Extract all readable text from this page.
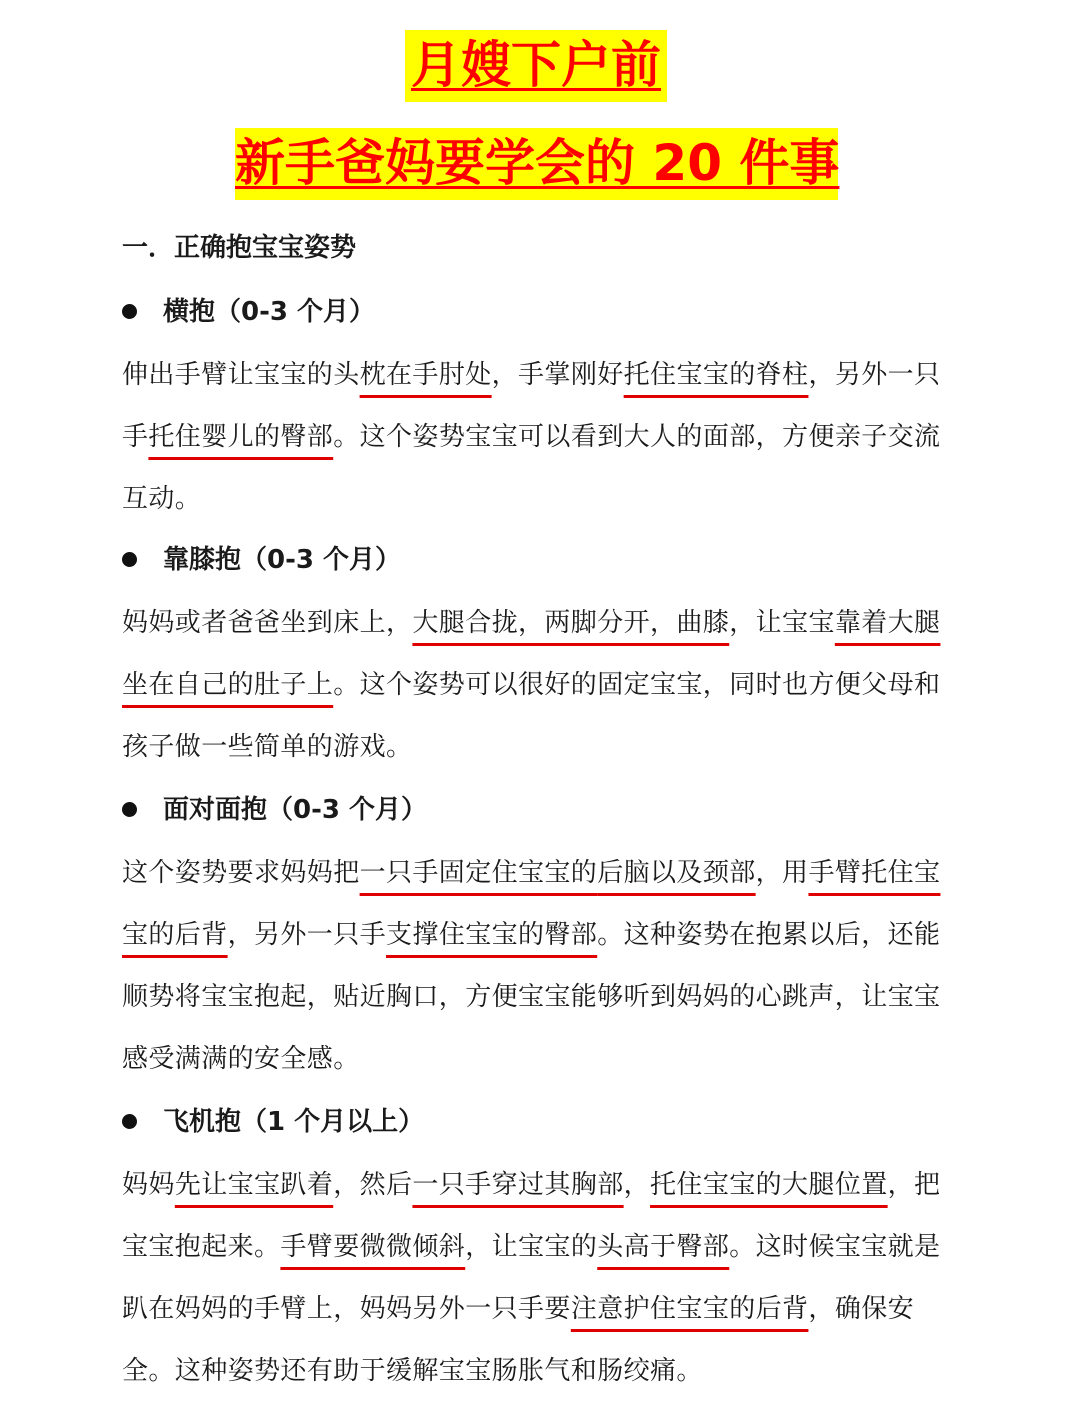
月嫂下户前
新手爸妈要学会的 20 件事
一．正确抱宝宝姿势
横抱（0-3 个月）
伸出手臂让宝宝的头枕在手肘处，手掌刚好托住宝宝的脊柱，另外一只手托住婴儿的臀部。这个姿势宝宝可以看到大人的面部，方便亲子交流互动。
靠膝抱（0-3 个月）
妈妈或者爸爸坐到床上，大腿合拢，两脚分开，曲膝，让宝宝靠着大腿坐在自己的肚子上。这个姿势可以很好的固定宝宝，同时也方便父母和孩子做一些简单的游戏。
面对面抱（0-3 个月）
这个姿势要求妈妈把一只手固定住宝宝的后脑以及颈部，用手臂托住宝宝的后背，另外一只手支撑住宝宝的臀部。这种姿势在抱累以后，还能顺势将宝宝抱起，贴近胸口，方便宝宝能够听到妈妈的心跳声，让宝宝感受满满的安全感。
飞机抱（1 个月以上）
妈妈先让宝宝趴着，然后一只手穿过其胸部，托住宝宝的大腿位置，把宝宝抱起来。手臂要微微倾斜，让宝宝的头高于臀部。这时候宝宝就是趴在妈妈的手臂上，妈妈另外一只手要注意护住宝宝的后背，确保安全。这种姿势还有助于缓解宝宝肠胀气和肠绞痛。
